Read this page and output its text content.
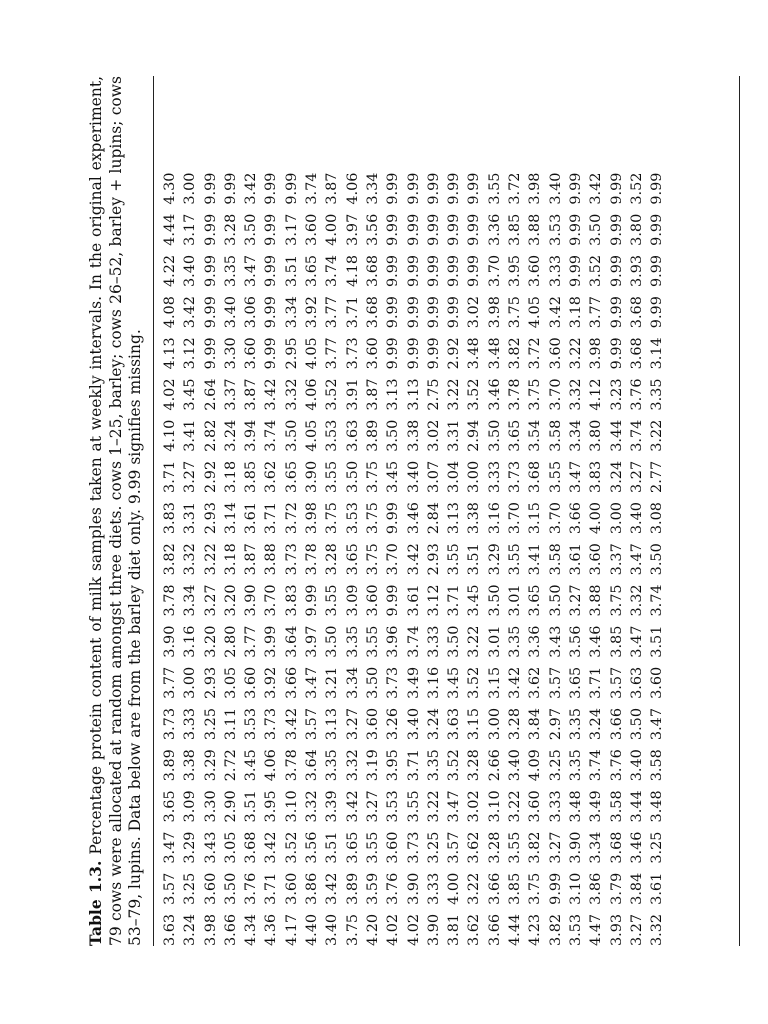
Table 1.3.Percentage protein content of milk samples taken at weekly intervals. In the original experiment, 79 cows were allocated at random amongst three diets. cows 1–25, barley; cows 26–52, barley + lupins; cows 53–79, lupins. Data below are from the barley diet only. 9.99 signifies missing. 3.63
3.57
3.47
3.65
3.89
3.73
3.77
3.90
3.78
3.82
3.83
3.71
4.10
4.02
4.13
4.08
4.22
4.44
4.30
3.24
3.25
3.29
3.09
3.38
3.33
3.00
3.16
3.34
3.32
3.31
3.27
3.41
3.45
3.12
3.42
3.40
3.17
3.00
3.98
3.60
3.43
3.30
3.29
3.25
2.93
3.20
3.27
3.22
2.93
2.92
2.82
2.64
9.99
9.99
9.99
9.99
9.99
3.66
3.50
3.05
2.90
2.72
3.11
3.05
2.80
3.20
3.18
3.14
3.18
3.24
3.37
3.30
3.40
3.35
3.28
9.99
4.34
3.76
3.68
3.51
3.45
3.53
3.60
3.77
3.90
3.87
3.61
3.85
3.94
3.87
3.60
3.06
3.47
3.50
3.42
4.36
3.71
3.42
3.95
4.06
3.73
3.92
3.99
3.70
3.88
3.71
3.62
3.74
3.42
9.99
9.99
9.99
9.99
9.99
4.17
3.60
3.52
3.10
3.78
3.42
3.66
3.64
3.83
3.73
3.72
3.65
3.50
3.32
2.95
3.34
3.51
3.17
9.99
4.40
3.86
3.56
3.32
3.64
3.57
3.47
3.97
9.99
3.78
3.98
3.90
4.05
4.06
4.05
3.92
3.65
3.60
3.74
3.40
3.42
3.51
3.39
3.35
3.13
3.21
3.50
3.55
3.28
3.75
3.55
3.53
3.52
3.77
3.77
3.74
4.00
3.87
3.75
3.89
3.65
3.42
3.32
3.27
3.34
3.35
3.09
3.65
3.53
3.50
3.63
3.91
3.73
3.71
4.18
3.97
4.06
4.20
3.59
3.55
3.27
3.19
3.60
3.50
3.55
3.60
3.75
3.75
3.75
3.89
3.87
3.60
3.68
3.68
3.56
3.34
4.02
3.76
3.60
3.53
3.95
3.26
3.73
3.96
9.99
3.70
9.99
3.45
3.50
3.13
9.99
9.99
9.99
9.99
9.99
4.02
3.90
3.73
3.55
3.71
3.40
3.49
3.74
3.61
3.42
3.46
3.40
3.38
3.13
9.99
9.99
9.99
9.99
9.99
3.90
3.33
3.25
3.22
3.35
3.24
3.16
3.33
3.12
2.93
2.84
3.07
3.02
2.75
9.99
9.99
9.99
9.99
9.99
3.81
4.00
3.57
3.47
3.52
3.63
3.45
3.50
3.71
3.55
3.13
3.04
3.31
3.22
2.92
9.99
9.99
9.99
9.99
3.62
3.22
3.62
3.02
3.28
3.15
3.52
3.22
3.45
3.51
3.38
3.00
2.94
3.52
3.48
3.02
9.99
9.99
9.99
3.66
3.66
3.28
3.10
2.66
3.00
3.15
3.01
3.50
3.29
3.16
3.33
3.50
3.46
3.48
3.98
3.70
3.36
3.55
4.44
3.85
3.55
3.22
3.40
3.28
3.42
3.35
3.01
3.55
3.70
3.73
3.65
3.78
3.82
3.75
3.95
3.85
3.72
4.23
3.75
3.82
3.60
4.09
3.84
3.62
3.36
3.65
3.41
3.15
3.68
3.54
3.75
3.72
4.05
3.60
3.88
3.98
3.82
9.99
3.27
3.33
3.25
2.97
3.57
3.43
3.50
3.58
3.70
3.55
3.58
3.70
3.60
3.42
3.33
3.53
3.40
3.53
3.10
3.90
3.48
3.35
3.35
3.65
3.56
3.27
3.61
3.66
3.47
3.34
3.32
3.22
3.18
9.99
9.99
9.99
4.47
3.86
3.34
3.49
3.74
3.24
3.71
3.46
3.88
3.60
4.00
3.83
3.80
4.12
3.98
3.77
3.52
3.50
3.42
3.93
3.79
3.68
3.58
3.76
3.66
3.57
3.85
3.75
3.37
3.00
3.24
3.44
3.23
9.99
9.99
9.99
9.99
9.99
3.27
3.84
3.46
3.44
3.40
3.50
3.63
3.47
3.32
3.47
3.40
3.27
3.74
3.76
3.68
3.68
3.93
3.80
3.52
3.32
3.61
3.25
3.48
3.58
3.47
3.60
3.51
3.74
3.50
3.08
2.77
3.22
3.35
3.14
9.99
9.99
9.99
9.99
